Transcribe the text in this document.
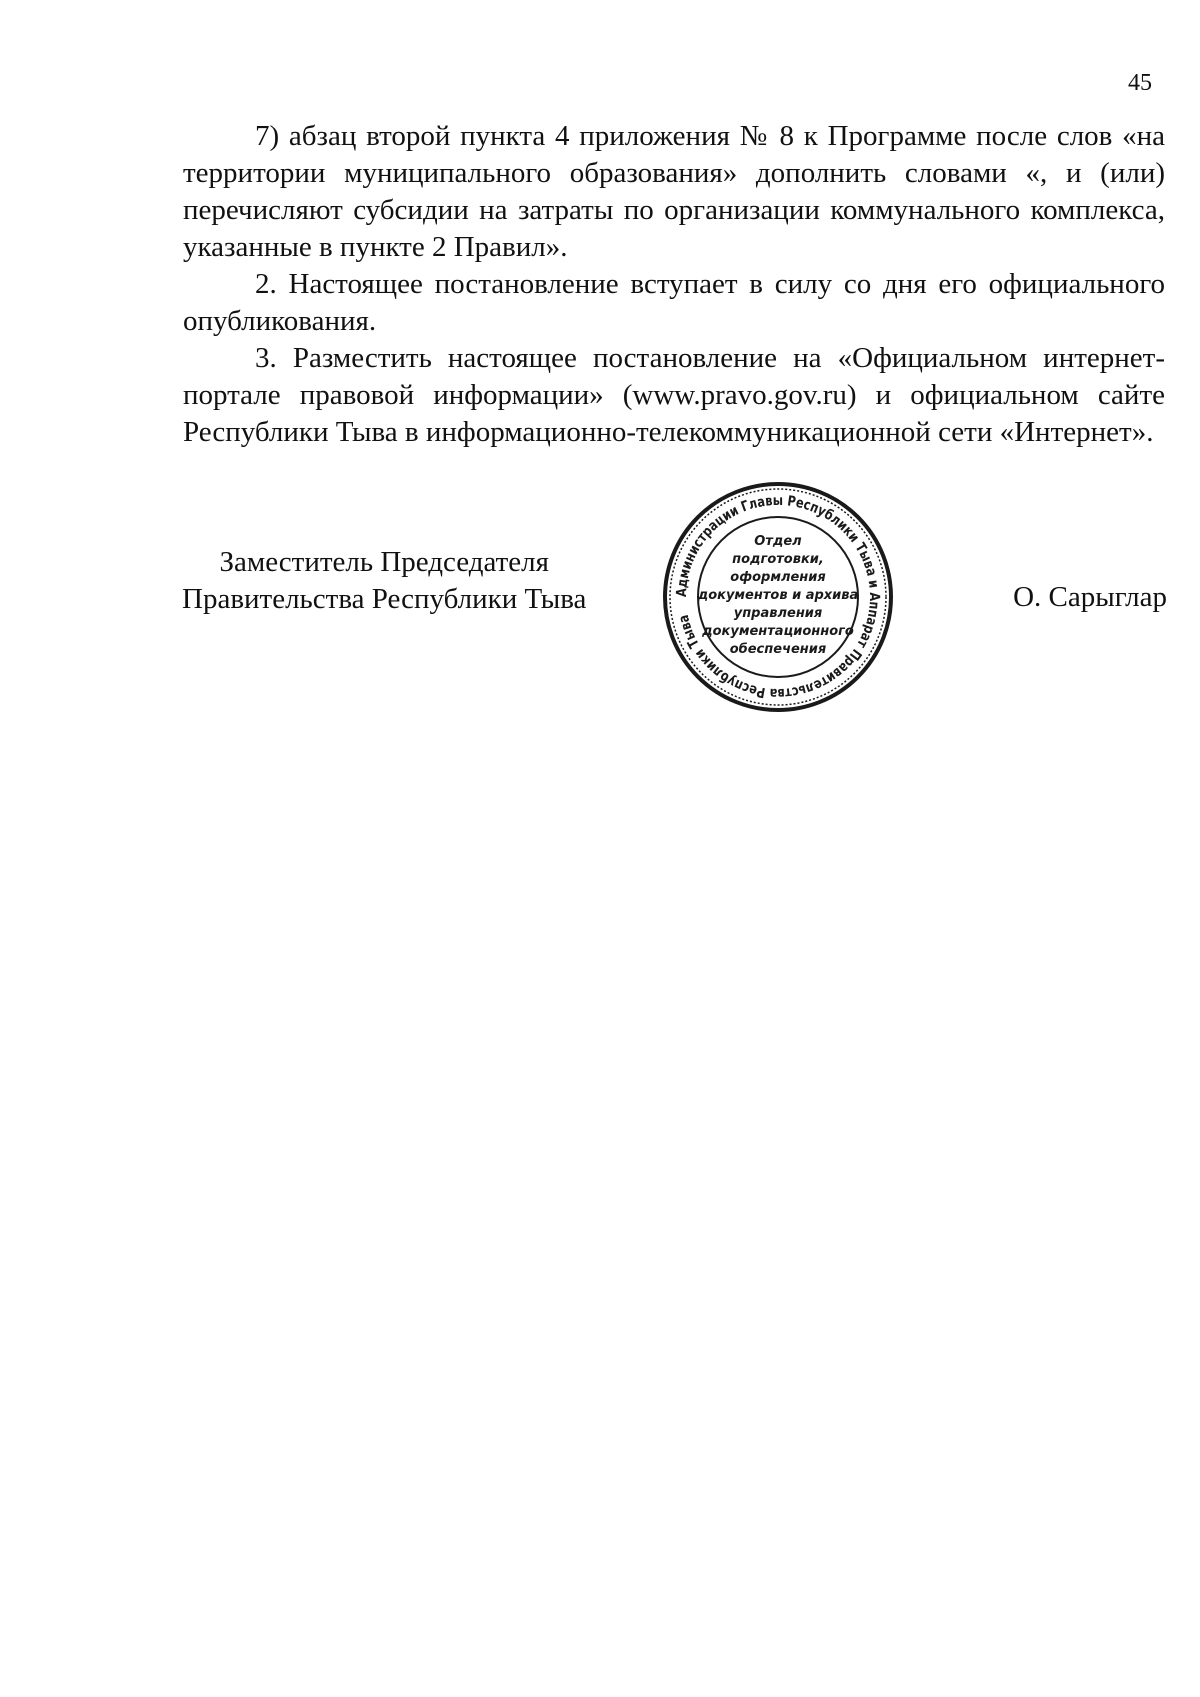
45

7) абзац второй пункта 4 приложения № 8 к Программе после слов «на территории муниципального образования» дополнить словами «, и (или) перечисляют субсидии на затраты по организации коммунального комплекса, указанные в пункте 2 Правил».

2. Настоящее постановление вступает в силу со дня его официального опубликования.

3. Разместить настоящее постановление на «Официальном интернет-портале правовой информации» (www.pravo.gov.ru) и официальном сайте Республики Тыва в информационно-телекоммуникационной сети «Интернет».

Заместитель Председателя
Правительства Республики Тыва	О. Сарыглар
Администрации Главы Республики Тыва и Аппарат Правительства Республики Тыва
Отдел
подготовки,
оформления
документов и архива
управления
документационного
обеспечения
